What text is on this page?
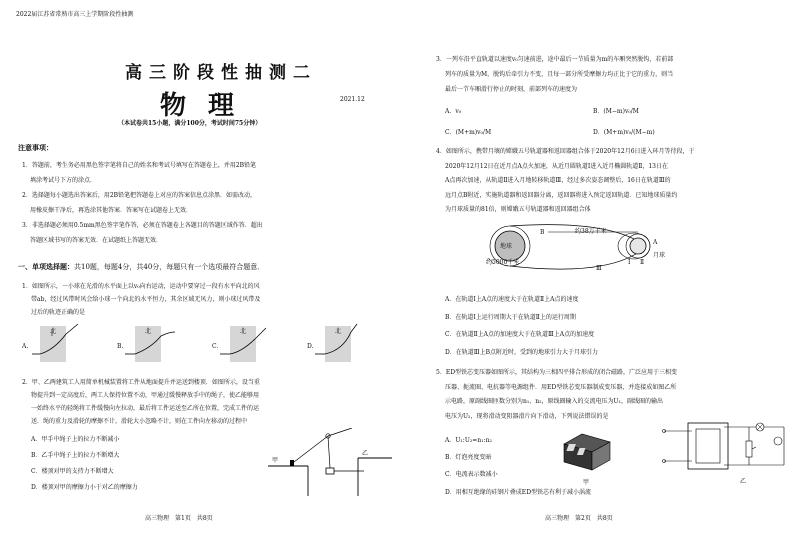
2022届江苏省常熟市高三上学期阶段性抽测
高三阶段性抽测二
物理	2021.12
（本试卷共15小题，满分100分，考试时间75分钟）
注意事项：
1．答题前，考生务必用黑色签字笔将自己的姓名和考试号填写在答题卷上，并用2B铅笔
填涂考试号下方的涂点．
2．选择题每小题选出答案后，用2B铅笔把答题卷上对应的答案信息点涂黑．如需改动，
用橡皮擦干净后，再选涂其他答案．答案写在试题卷上无效．
3．非选择题必须用0.5mm黑色签字笔作答，必须在答题卷上各题目的答题区域作答．超出
答题区域书写的答案无效．在试题纸上答题无效．
一、单项选择题：共10题，每题4分，共40分，每题只有一个选项最符合题意．
1．如图所示，一小球在光滑的水平面上以v₀向右运动，运动中要穿过一段有水平向北的风
带ab，经过风带时风会给小球一个向北的水平恒力，其余区域无风力，则小球过风带及
过后的轨迹正确的是
北	北	北	北
A.	B.	C.	D.
2．甲、乙两建筑工人用简单机械装置将工件从地面提升并运送到楼顶．如图所示，设当重
物提升到一定高度后，两工人保持位置不动，甲通过缓慢释放手中的绳子，使乙能够用
一始终水平的轻绳将工件缓慢向左拉动，最后将工件运送至乙所在位置，完成工件的运
送．绳的重力及滑轮的摩擦不计，滑轮大小忽略不计，则在工件向左移动的过程中
A．甲手中绳子上的拉力不断减小
B．乙手中绳子上的拉力不断增大
C．楼顶对甲的支持力不断增大
D．楼顶对甲的摩擦力小于对乙的摩擦力
甲
乙
高三物理　第1页　共8页
3．一列车沿平直轨道以速度v₀匀速前进，途中最后一节质量为m的车厢突然脱钩，若前部
列车的质量为M，脱钩后牵引力不变，且每一部分所受摩擦力均正比于它的重力，则当
最后一节车厢滑行停止的时刻，前部列车的速度为
A．v₀	B．(M−m)v₀/M
C．(M+m)v₀/M	D．(M+m)v₀/(M−m)
4．如图所示，携带月壤的嫦娥五号轨道器和返回器组合体于2020年12月6日进入环月等待段，于
2020年12月12日在近月点A点火加速，从近月圆轨道Ⅰ进入近月椭圆轨道Ⅱ，13日在
A点再次加速，从轨道Ⅱ进入月地转移轨道Ⅲ，经过多次姿态调整后，16日在轨道Ⅲ的
远月点B附近，实施轨道器和返回器分离，返回器将进入预定返回轨道．已知地球质量约
为月球质量的81倍，则嫦娥五号轨道器和返回器组合体
地球
约38万千米
约5000千米
B
A
月球
Ⅰ Ⅱ
Ⅲ
A．在轨道Ⅰ上A点的速度大于在轨道Ⅱ上A点的速度
B．在轨道Ⅰ上运行周期大于在轨道Ⅱ上的运行周期
C．在轨道Ⅱ上A点的加速度大于在轨道Ⅲ上A点的加速度
D．在轨道Ⅲ上B点附近时，受到的地球引力大于月球引力
5．ED型铁芯变压器如图所示，其结构为三相四平排合形成的闭合磁路，广泛应用于三相变
压器、扼流圈、电抗器等电源组件．用ED型铁芯变压器制成变压器，并连接成如图乙所
示电路，原副线圈匝数分别为n₁、n₂，原线圈输入的交流电压为U₁，副线圈的输出
电压为U₂，现将滑动变阻器滑片向下滑动，下列说法错误的是
A．U₁:U₂=n₁:n₂
B．灯泡亮度变暗
C．电流表示数减小
D．用相互绝缘的硅钢片叠成ED型铁芯有利于减小涡流
甲	乙
高三物理　第2页　共8页
